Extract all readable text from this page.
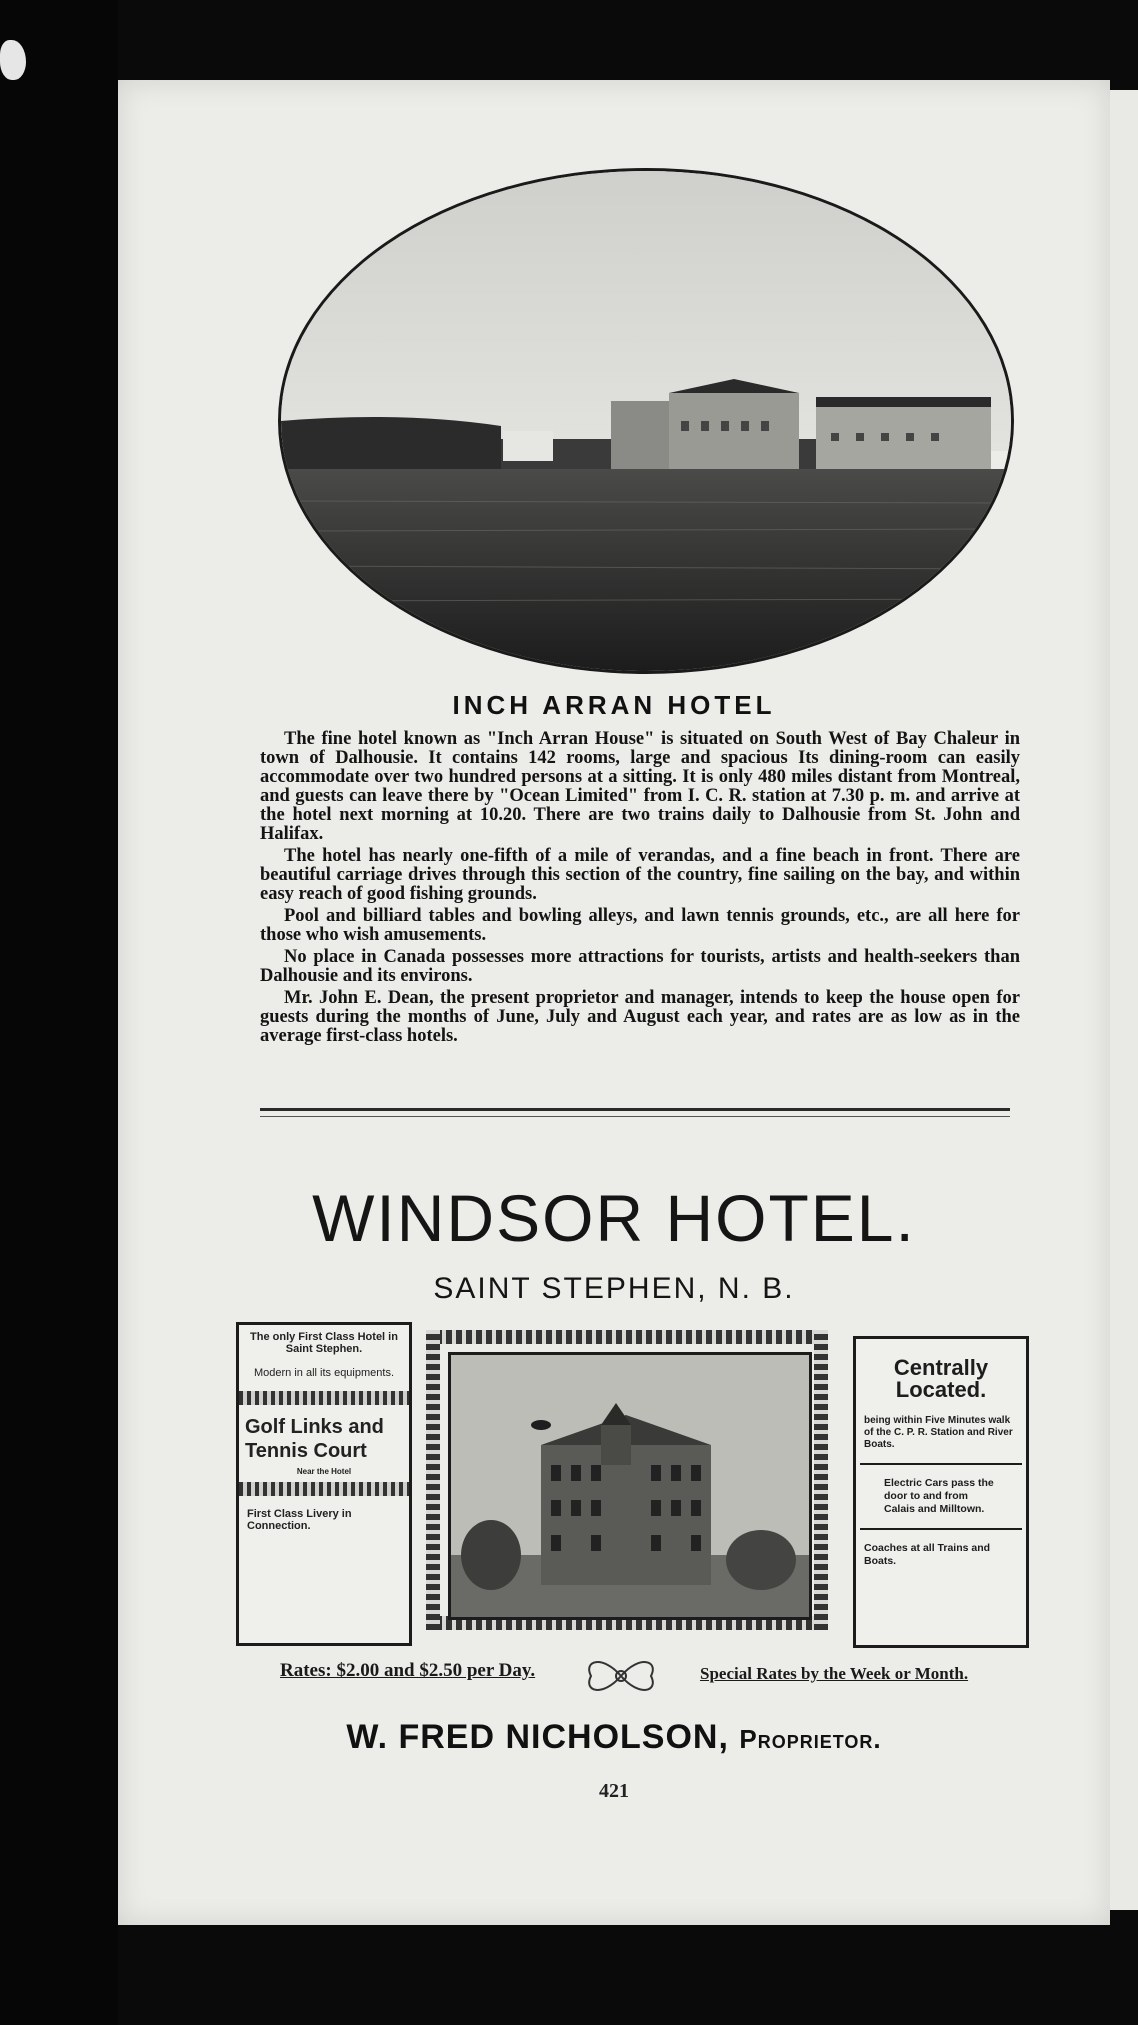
INCH ARRAN HOTEL

The fine hotel known as "Inch Arran House" is situated on South West of Bay Chaleur in town of Dalhousie. It contains 142 rooms, large and spacious Its dining-room can easily accommodate over two hundred persons at a sitting. It is only 480 miles distant from Montreal, and guests can leave there by "Ocean Limited" from I. C. R. station at 7.30 p. m. and arrive at the hotel next morning at 10.20. There are two trains daily to Dalhousie from St. John and Halifax.

The hotel has nearly one-fifth of a mile of verandas, and a fine beach in front. There are beautiful carriage drives through this section of the country, fine sailing on the bay, and within easy reach of good fishing grounds.

Pool and billiard tables and bowling alleys, and lawn tennis grounds, etc., are all here for those who wish amusements.

No place in Canada possesses more attractions for tourists, artists and health-seekers than Dalhousie and its environs.

Mr. John E. Dean, the present proprietor and manager, intends to keep the house open for guests during the months of June, July and August each year, and rates are as low as in the average first-class hotels.

WINDSOR HOTEL.
SAINT STEPHEN, N. B.
The only First Class Hotel in Saint Stephen.
Modern in all its equipments.
Golf Links and Tennis Court
Near the Hotel
First Class Livery in Connection.
Centrally Located.
being within Five Minutes walk of the C. P. R. Station and River Boats.
Electric Cars pass the door to and from Calais and Milltown.
Coaches at all Trains and Boats.
Rates: $2.00 and $2.50 per Day.	Special Rates by the Week or Month.
W. FRED NICHOLSON, Proprietor.
421
